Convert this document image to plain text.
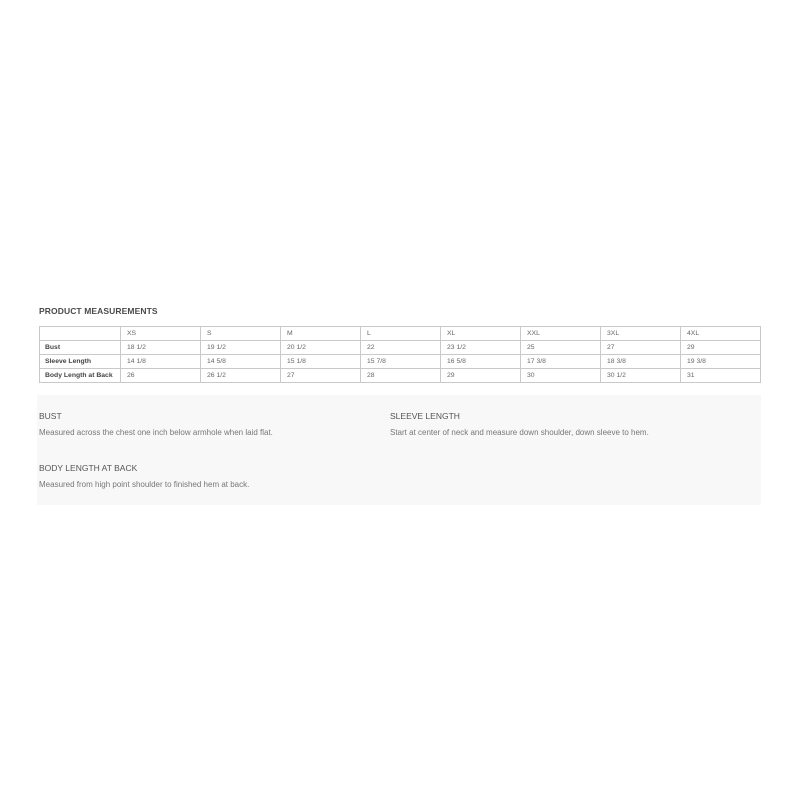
PRODUCT MEASUREMENTS
	XS	S	M	L	XL	XXL	3XL	4XL
Bust	18 1/2	19 1/2	20 1/2	22	23 1/2	25	27	29
Sleeve Length	14 1/8	14 5/8	15 1/8	15 7/8	16 5/8	17 3/8	18 3/8	19 3/8
Body Length at Back	26	26 1/2	27	28	29	30	30 1/2	31
BUST
Measured across the chest one inch below armhole when laid flat.
SLEEVE LENGTH
Start at center of neck and measure down shoulder, down sleeve to hem.
BODY LENGTH AT BACK
Measured from high point shoulder to finished hem at back.
